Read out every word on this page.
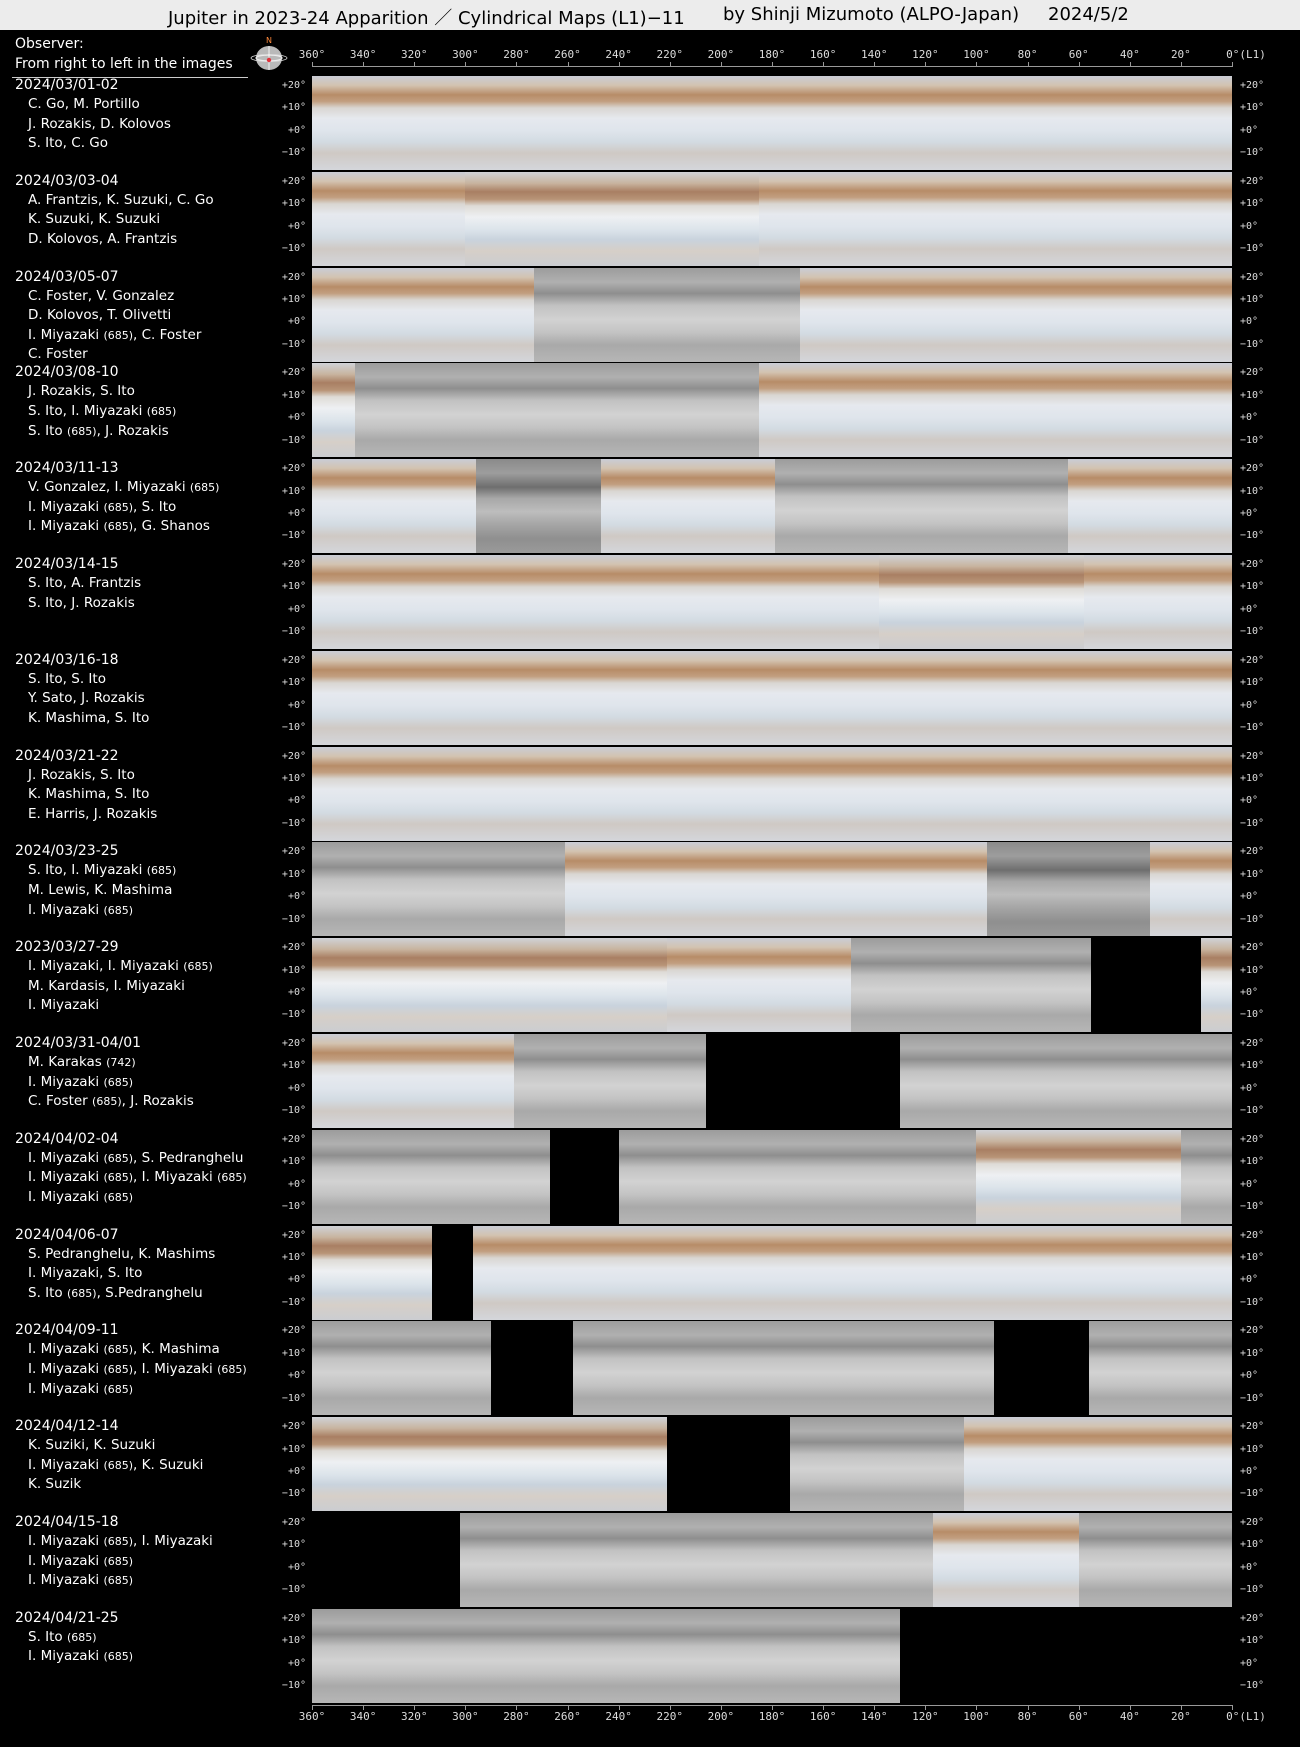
Jupiter in 2023-24 Apparition ／ Cylindrical Maps (L1)−11 by Shinji Mizumoto (ALPO-Japan) 2024/5/2
Observer:
From right to left in the images
N
360° 340° 320° 300° 280° 260° 240° 220° 200° 180° 160° 140° 120° 100°	80°	60°	40°	20°	0°(L1)
360° 340° 320° 300° 280° 260° 240° 220° 200° 180° 160° 140° 120° 100°	80°	60°	40°	20°	0°(L1)
2024/03/01-02
C. Go, M. Portillo
J. Rozakis, D. Kolovos
S. Ito, C. Go
+20°
+10°
+0°
−10°
+20°
+10°
+0°
−10°
2024/03/03-04
A. Frantzis, K. Suzuki, C. Go
K. Suzuki, K. Suzuki
D. Kolovos, A. Frantzis
+20°
+10°
+0°
−10°
+20°
+10°
+0°
−10°
2024/03/05-07
C. Foster, V. Gonzalez
D. Kolovos, T. Olivetti
I. Miyazaki (685), C. Foster
C. Foster
+20°
+10°
+0°
−10°
+20°
+10°
+0°
−10°
2024/03/08-10
J. Rozakis, S. Ito
S. Ito, I. Miyazaki (685)
S. Ito (685), J. Rozakis
+20°
+10°
+0°
−10°
+20°
+10°
+0°
−10°
2024/03/11-13
V. Gonzalez, I. Miyazaki (685)
I. Miyazaki (685), S. Ito
I. Miyazaki (685), G. Shanos
+20°
+10°
+0°
−10°
+20°
+10°
+0°
−10°
2024/03/14-15
S. Ito, A. Frantzis
S. Ito, J. Rozakis
+20°
+10°
+0°
−10°
+20°
+10°
+0°
−10°
2024/03/16-18
S. Ito, S. Ito
Y. Sato, J. Rozakis
K. Mashima, S. Ito
+20°
+10°
+0°
−10°
+20°
+10°
+0°
−10°
2024/03/21-22
J. Rozakis, S. Ito
K. Mashima, S. Ito
E. Harris, J. Rozakis
+20°
+10°
+0°
−10°
+20°
+10°
+0°
−10°
2024/03/23-25
S. Ito, I. Miyazaki (685)
M. Lewis, K. Mashima
I. Miyazaki (685)
+20°
+10°
+0°
−10°
+20°
+10°
+0°
−10°
2023/03/27-29
I. Miyazaki, I. Miyazaki (685)
M. Kardasis, I. Miyazaki
I. Miyazaki
+20°
+10°
+0°
−10°
+20°
+10°
+0°
−10°
2024/03/31-04/01
M. Karakas (742)
I. Miyazaki (685)
C. Foster (685), J. Rozakis
+20°
+10°
+0°
−10°
+20°
+10°
+0°
−10°
2024/04/02-04
I. Miyazaki (685), S. Pedranghelu
I. Miyazaki (685), I. Miyazaki (685)
I. Miyazaki (685)
+20°
+10°
+0°
−10°
+20°
+10°
+0°
−10°
2024/04/06-07
S. Pedranghelu, K. Mashims
I. Miyazaki, S. Ito
S. Ito (685), S.Pedranghelu
+20°
+10°
+0°
−10°
+20°
+10°
+0°
−10°
2024/04/09-11
I. Miyazaki (685), K. Mashima
I. Miyazaki (685), I. Miyazaki (685)
I. Miyazaki (685)
+20°
+10°
+0°
−10°
+20°
+10°
+0°
−10°
2024/04/12-14
K. Suziki, K. Suzuki
I. Miyazaki (685), K. Suzuki
K. Suzik
+20°
+10°
+0°
−10°
+20°
+10°
+0°
−10°
2024/04/15-18
I. Miyazaki (685), I. Miyazaki
I. Miyazaki (685)
I. Miyazaki (685)
+20°
+10°
+0°
−10°
+20°
+10°
+0°
−10°
2024/04/21-25
S. Ito (685)
I. Miyazaki (685)
+20°
+10°
+0°
−10°
+20°
+10°
+0°
−10°
